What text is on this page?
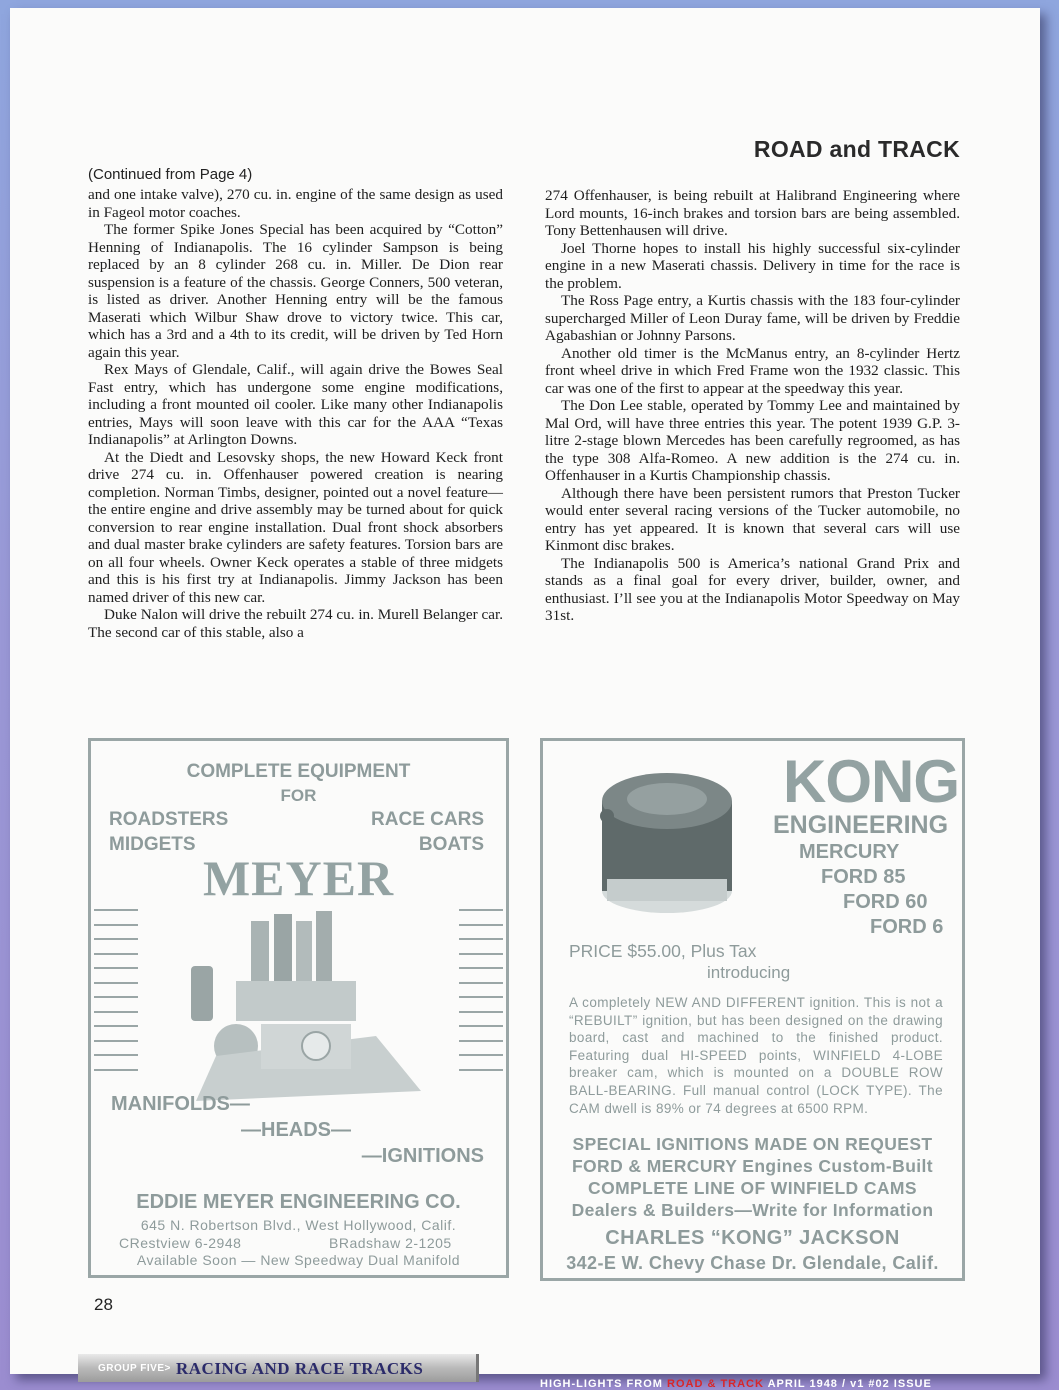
ROAD and TRACK
(Continued from Page 4)

and one intake valve), 270 cu. in. engine of the same design as used in Fageol motor coaches.

The former Spike Jones Special has been acquired by “Cotton” Henning of Indianapolis. The 16 cylinder Sampson is being replaced by an 8 cylinder 268 cu. in. Miller. De Dion rear suspension is a feature of the chassis. George Conners, 500 veteran, is listed as driver. Another Henning entry will be the famous Maserati which Wilbur Shaw drove to victory twice. This car, which has a 3rd and a 4th to its credit, will be driven by Ted Horn again this year.

Rex Mays of Glendale, Calif., will again drive the Bowes Seal Fast entry, which has undergone some engine modifications, including a front mounted oil cooler. Like many other Indianapolis entries, Mays will soon leave with this car for the AAA “Texas Indianapolis” at Arlington Downs.

At the Diedt and Lesovsky shops, the new Howard Keck front drive 274 cu. in. Offenhauser powered creation is nearing completion. Norman Timbs, designer, pointed out a novel feature—the entire engine and drive assembly may be turned about for quick conversion to rear engine installation. Dual front shock absorbers and dual master brake cylinders are safety features. Torsion bars are on all four wheels. Owner Keck operates a stable of three midgets and this is his first try at Indianapolis. Jimmy Jackson has been named driver of this new car.

Duke Nalon will drive the rebuilt 274 cu. in. Murell Belanger car. The second car of this stable, also a

274 Offenhauser, is being rebuilt at Halibrand Engineering where Lord mounts, 16-inch brakes and torsion bars are being assembled. Tony Bettenhausen will drive.

Joel Thorne hopes to install his highly successful six-cylinder engine in a new Maserati chassis. Delivery in time for the race is the problem.

The Ross Page entry, a Kurtis chassis with the 183 four-cylinder supercharged Miller of Leon Duray fame, will be driven by Freddie Agabashian or Johnny Parsons.

Another old timer is the McManus entry, an 8-cylinder Hertz front wheel drive in which Fred Frame won the 1932 classic. This car was one of the first to appear at the speedway this year.

The Don Lee stable, operated by Tommy Lee and maintained by Mal Ord, will have three entries this year. The potent 1939 G.P. 3-litre 2-stage blown Mercedes has been carefully regroomed, as has the type 308 Alfa-Romeo. A new addition is the 274 cu. in. Offenhauser in a Kurtis Championship chassis.

Although there have been persistent rumors that Preston Tucker would enter several racing versions of the Tucker automobile, no entry has yet appeared. It is known that several cars will use Kinmont disc brakes.

The Indianapolis 500 is America’s national Grand Prix and stands as a final goal for every driver, builder, owner, and enthusiast. I’ll see you at the Indianapolis Motor Speedway on May 31st.

COMPLETE EQUIPMENT
FOR
ROADSTERS
MIDGETS
RACE CARS
BOATS
MEYER
MANIFOLDS—
—HEADS—
—IGNITIONS
EDDIE MEYER ENGINEERING CO.
645 N. Robertson Blvd., West Hollywood, Calif.
CRestview 6-2948	BRadshaw 2-1205
Available Soon — New Speedway Dual Manifold
KONG
ENGINEERING
MERCURY
FORD 85
FORD 60
FORD 6
PRICE $55.00, Plus Tax
introducing
A completely NEW AND DIFFERENT ignition. This is not a “REBUILT” ignition, but has been designed on the drawing board, cast and machined to the finished product. Featuring dual HI-SPEED points, WINFIELD 4-LOBE breaker cam, which is mounted on a DOUBLE ROW BALL-BEARING. Full manual control (LOCK TYPE). The CAM dwell is 89% or 74 degrees at 6500 RPM.
SPECIAL IGNITIONS MADE ON REQUEST
FORD & MERCURY Engines Custom-Built
COMPLETE LINE OF WINFIELD CAMS
Dealers & Builders—Write for Information
CHARLES “KONG” JACKSON
342-E W. Chevy Chase Dr. Glendale, Calif.
28
GROUP FIVE> RACING AND RACE TRACKS
HIGH-LIGHTS FROM ROAD & TRACK APRIL 1948 / v1 #02 ISSUE
